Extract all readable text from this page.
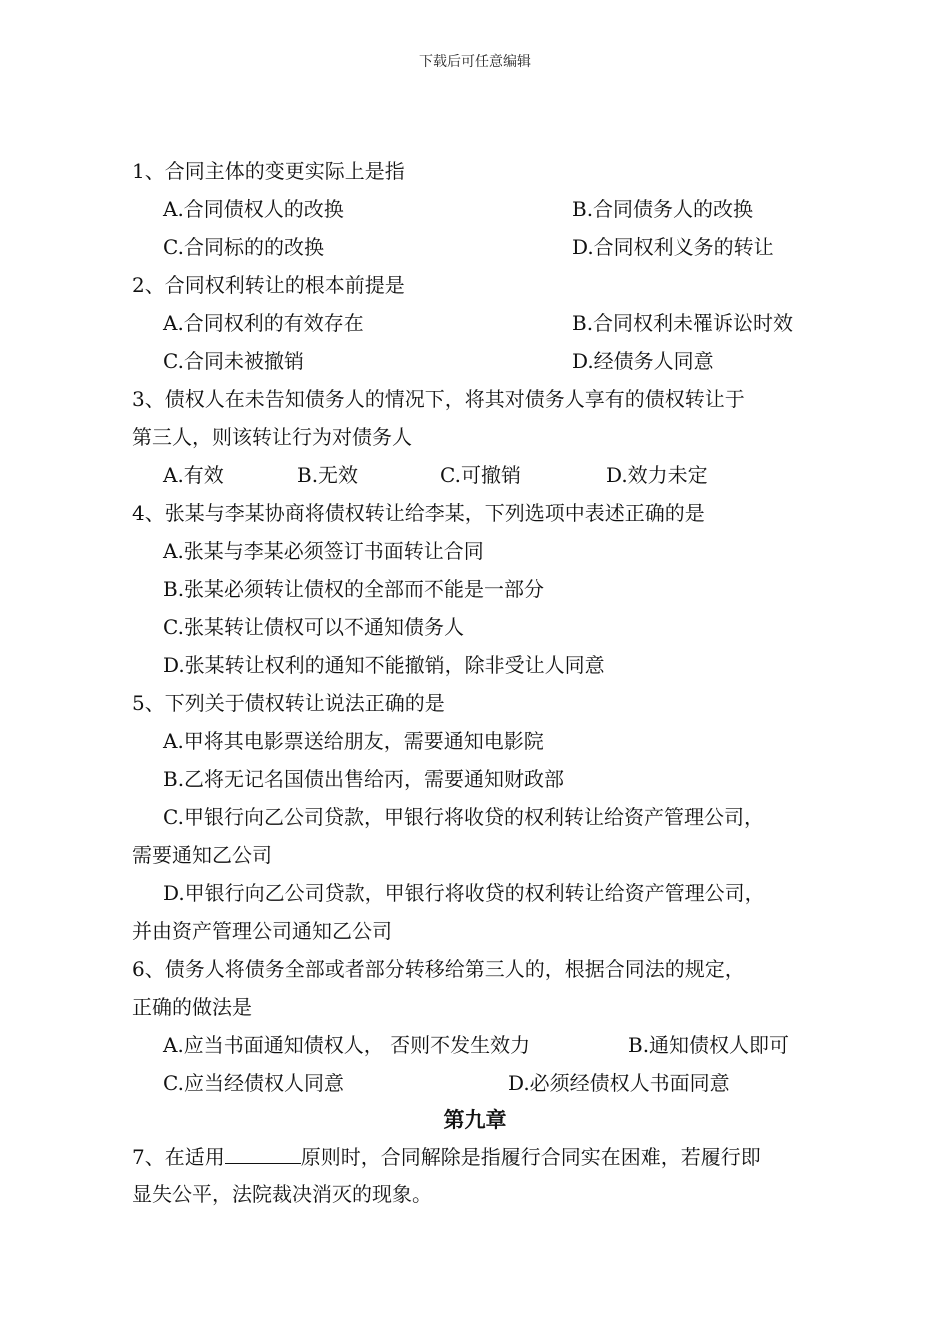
下载后可任意编辑
1、合同主体的变更实际上是指
A.合同债权人的改换	B.合同债务人的改换
C.合同标的的改换	D.合同权利义务的转让
2、合同权利转让的根本前提是
A.合同权利的有效存在	B.合同权利未罹诉讼时效
C.合同未被撤销	D.经债务人同意
3、债权人在未告知债务人的情况下，将其对债务人享有的债权转让于
第三人，则该转让行为对债务人
A.有效	B.无效	C.可撤销	D.效力未定
4、张某与李某协商将债权转让给李某，下列选项中表述正确的是
A.张某与李某必须签订书面转让合同
B.张某必须转让债权的全部而不能是一部分
C.张某转让债权可以不通知债务人
D.张某转让权利的通知不能撤销，除非受让人同意
5、下列关于债权转让说法正确的是
A.甲将其电影票送给朋友，需要通知电影院
B.乙将无记名国债出售给丙，需要通知财政部
C.甲银行向乙公司贷款，甲银行将收贷的权利转让给资产管理公司，
需要通知乙公司
D.甲银行向乙公司贷款，甲银行将收贷的权利转让给资产管理公司，
并由资产管理公司通知乙公司
6、债务人将债务全部或者部分转移给第三人的，根据合同法的规定，
正确的做法是
A.应当书面通知债权人， 否则不发生效力	B.通知债权人即可
C.应当经债权人同意	D.必须经债权人书面同意
第九章
7、在适用	原则时，合同解除是指履行合同实在困难，若履行即
显失公平，法院裁决消灭的现象。
